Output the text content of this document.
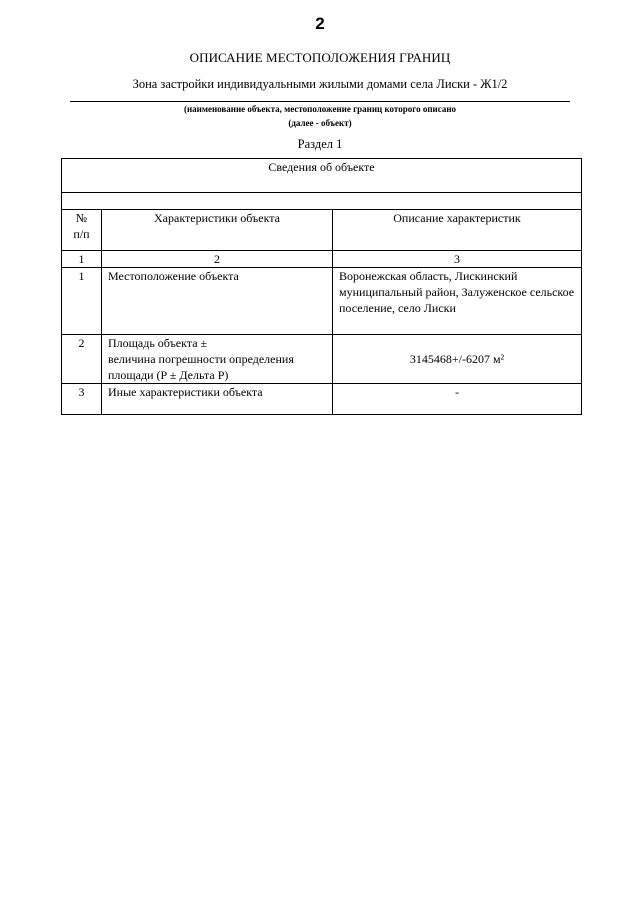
2
ОПИСАНИЕ МЕСТОПОЛОЖЕНИЯ ГРАНИЦ
Зона застройки индивидуальными жилыми домами села Лиски - Ж1/2
(наименование объекта, местоположение границ которого описано
(далее - объект)
Раздел 1
Сведения об объекте		

№
п/п	Характеристики объекта	Описание характеристик
1	2	3
1	Местоположение объекта	Воронежская область, Лискинский муниципальный район, Залуженское сельское поселение, село Лиски
2	Площадь объекта ±
величина погрешности определения
площади (P ± Дельта P)	3145468+/-6207 м²
3	Иные характеристики объекта	-
